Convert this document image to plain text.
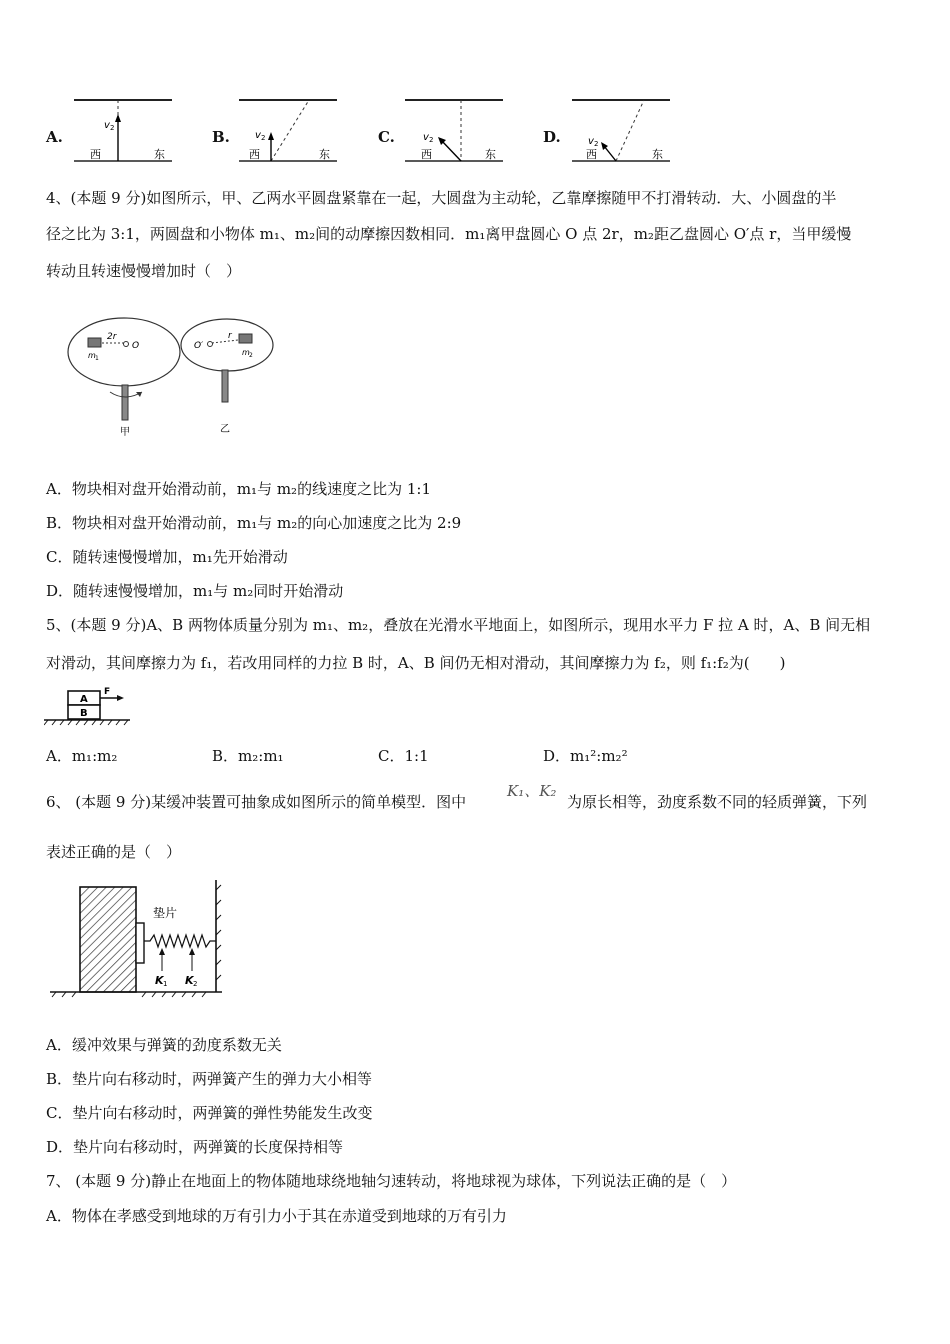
A.	B.	C.	D.
v 2
西	东
v 2
西	东
v 2
西	东
v 2
西	东
4、(本题 9 分)如图所示，甲、乙两水平圆盘紧靠在一起，大圆盘为主动轮，乙靠摩擦随甲不打滑转动．大、小圆盘的半
径之比为 3:1，两圆盘和小物体 m₁、m₂间的动摩擦因数相同．m₁离甲盘圆心 O 点 2r，m₂距乙盘圆心 O′点 r，当甲缓慢
转动且转速慢慢增加时（　）
2r
O
m 1
O′
r
m 2
甲	乙
A．物块相对盘开始滑动前，m₁与 m₂的线速度之比为 1:1
B．物块相对盘开始滑动前，m₁与 m₂的向心加速度之比为 2:9
C．随转速慢慢增加，m₁先开始滑动
D．随转速慢慢增加，m₁与 m₂同时开始滑动
5、(本题 9 分)A、B 两物体质量分别为 m₁、m₂，叠放在光滑水平地面上，如图所示，现用水平力 F 拉 A 时，A、B 间无相
对滑动，其间摩擦力为 f₁，若改用同样的力拉 B 时，A、B 间仍无相对滑动，其间摩擦力为 f₂，则 f₁:f₂为(　　)
A
B
F
A．m₁:m₂	B．m₂:m₁	C．1:1	D．m₁²:m₂²
6、 (本题 9 分)某缓冲装置可抽象成如图所示的简单模型．图中
K₁、K₂
为原长相等，劲度系数不同的轻质弹簧，下列
表述正确的是（　）
垫片
K 1 K 2
A．缓冲效果与弹簧的劲度系数无关
B．垫片向右移动时，两弹簧产生的弹力大小相等
C．垫片向右移动时，两弹簧的弹性势能发生改变
D．垫片向右移动时，两弹簧的长度保持相等
7、 (本题 9 分)静止在地面上的物体随地球绕地轴匀速转动，将地球视为球体，下列说法正确的是（　）
A．物体在孝感受到地球的万有引力小于其在赤道受到地球的万有引力
